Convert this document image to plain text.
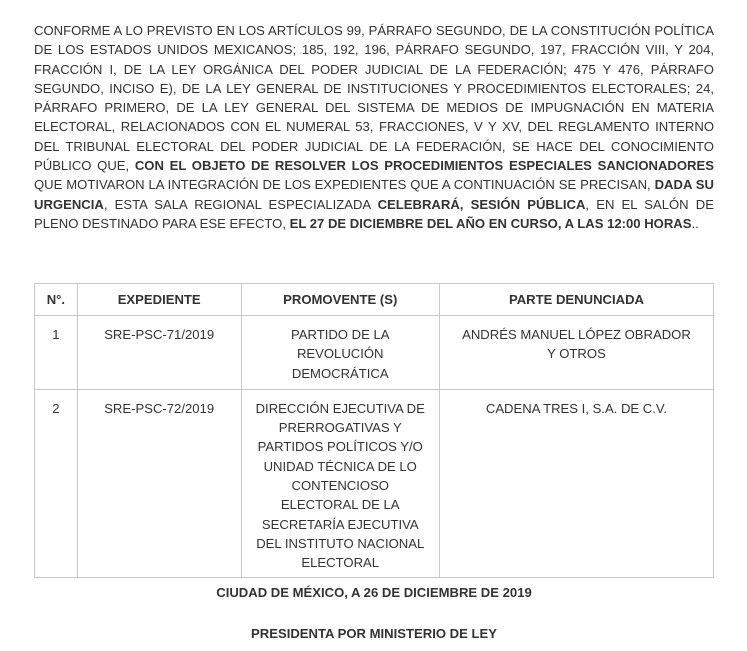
CONFORME A LO PREVISTO EN LOS ARTÍCULOS 99, PÁRRAFO SEGUNDO, DE LA CONSTITUCIÓN POLÍTICA DE LOS ESTADOS UNIDOS MEXICANOS; 185, 192, 196, PÁRRAFO SEGUNDO, 197, FRACCIÓN VIII, Y 204, FRACCIÓN I, DE LA LEY ORGÁNICA DEL PODER JUDICIAL DE LA FEDERACIÓN; 475 Y 476, PÁRRAFO SEGUNDO, INCISO E), DE LA LEY GENERAL DE INSTITUCIONES Y PROCEDIMIENTOS ELECTORALES; 24, PÁRRAFO PRIMERO, DE LA LEY GENERAL DEL SISTEMA DE MEDIOS DE IMPUGNACIÓN EN MATERIA ELECTORAL, RELACIONADOS CON EL NUMERAL 53, FRACCIONES, V Y XV, DEL REGLAMENTO INTERNO DEL TRIBUNAL ELECTORAL DEL PODER JUDICIAL DE LA FEDERACIÓN, SE HACE DEL CONOCIMIENTO PÚBLICO QUE, CON EL OBJETO DE RESOLVER LOS PROCEDIMIENTOS ESPECIALES SANCIONADORES QUE MOTIVARON LA INTEGRACIÓN DE LOS EXPEDIENTES QUE A CONTINUACIÓN SE PRECISAN, DADA SU URGENCIA, ESTA SALA REGIONAL ESPECIALIZADA CELEBRARÁ, SESIÓN PÚBLICA, EN EL SALÓN DE PLENO DESTINADO PARA ESE EFECTO, EL 27 DE DICIEMBRE DEL AÑO EN CURSO, A LAS 12:00 HORAS..

N°.	EXPEDIENTE	PROMOVENTE (S)	PARTE DENUNCIADA
1	SRE-PSC-71/2019	PARTIDO DE LA REVOLUCIÓN DEMOCRÁTICA	ANDRÉS MANUEL LÓPEZ OBRADOR Y OTROS
2	SRE-PSC-72/2019	DIRECCIÓN EJECUTIVA DE PRERROGATIVAS Y PARTIDOS POLÍTICOS Y/O UNIDAD TÉCNICA DE LO CONTENCIOSO ELECTORAL DE LA SECRETARÍA EJECUTIVA DEL INSTITUTO NACIONAL ELECTORAL	CADENA TRES I, S.A. DE C.V.

CIUDAD DE MÉXICO, A 26 DE DICIEMBRE DE 2019

PRESIDENTA POR MINISTERIO DE LEY
